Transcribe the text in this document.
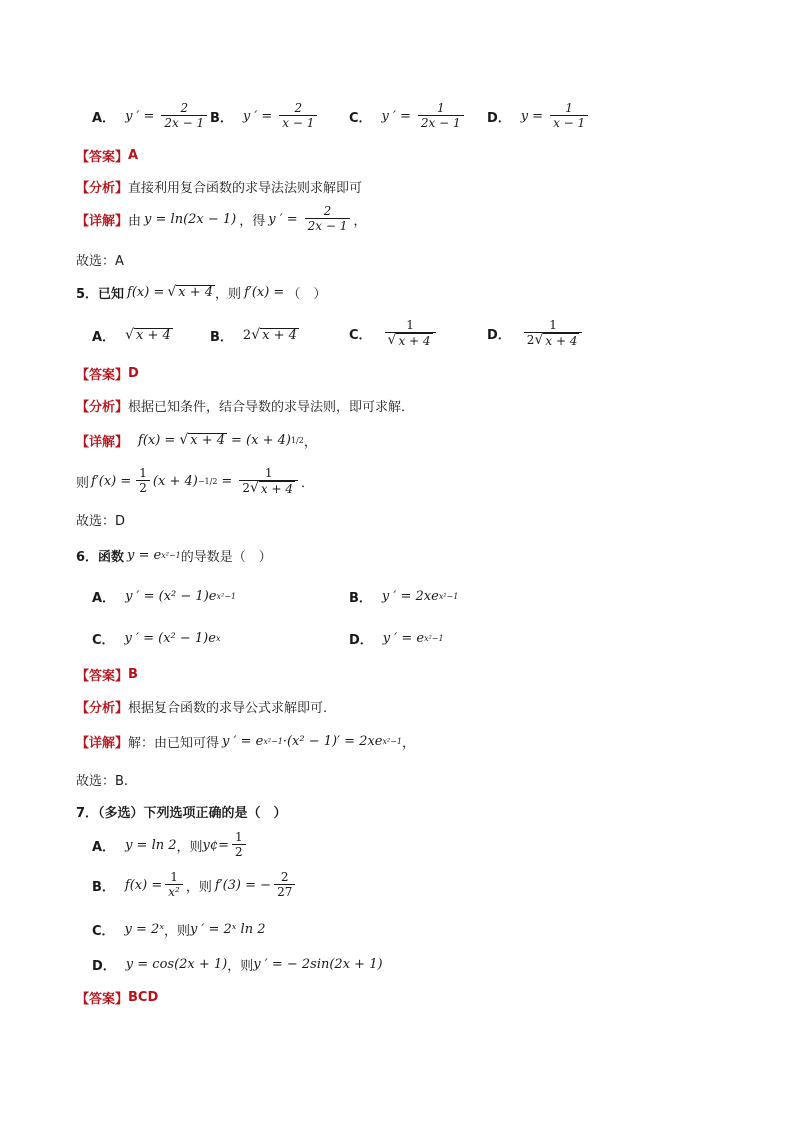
A． y ′ = $\frac{2}{2x - 1}$ B． y ′ = $\frac{2}{x - 1}$ C． y ′ = $\frac{1}{2x - 1}$ D． $y = \frac{1}{x - 1}$
【答案】 A
【分析】 直接利用复合函数的求导法法则求解即可
【详解】 由 y = ln(2x − 1) ，得 y ′ = $\frac{2}{2x - 1}$ ，
故选：A
5．已知 f(x) = √ x + 4 ，则 f′(x) = （　）
A． √ x + 4	B． 2 √ x + 4	C． $\frac{1}{√ x + 4}$	D． $\frac{1}{2 √ x + 4}$
【答案】 D
【分析】 根据已知条件，结合导数的求导法则，即可求解．
【详解】 f(x) = √ x + 4 = (x + 4) 1/2 ，
则 $f'(x) = \frac{1}{2} (x + 4) -1/2 = \frac{1}{2 √ x + 4}$ ．
故选：D
6．函数 y = e x²−1 的导数是（　）
A． y ′ = (x² − 1)e x²−1	B． y ′ = 2xe x²−1
C． y ′ = (x² − 1)e x	D． y ′ = e x²−1
【答案】 B
【分析】 根据复合函数的求导公式求解即可.
【详解】 解：由已知可得 y ′ = e x²−1 ·(x² − 1)′ = 2xe x²−1 ，
故选：B.
7．（多选）下列选项正确的是（　）
A． y = ln 2 ，则 y¢= $\frac{1}{2}$
B． $f(x) = \frac{1}{\text{x²}}$ ，则 f′(3) = − $\frac{2}{27}$
C． y = 2ˣ ，则 y ′ = 2ˣ ln 2
D． y = cos(2x + 1) ，则 y ′ = − 2sin(2x + 1)
【答案】 BCD
